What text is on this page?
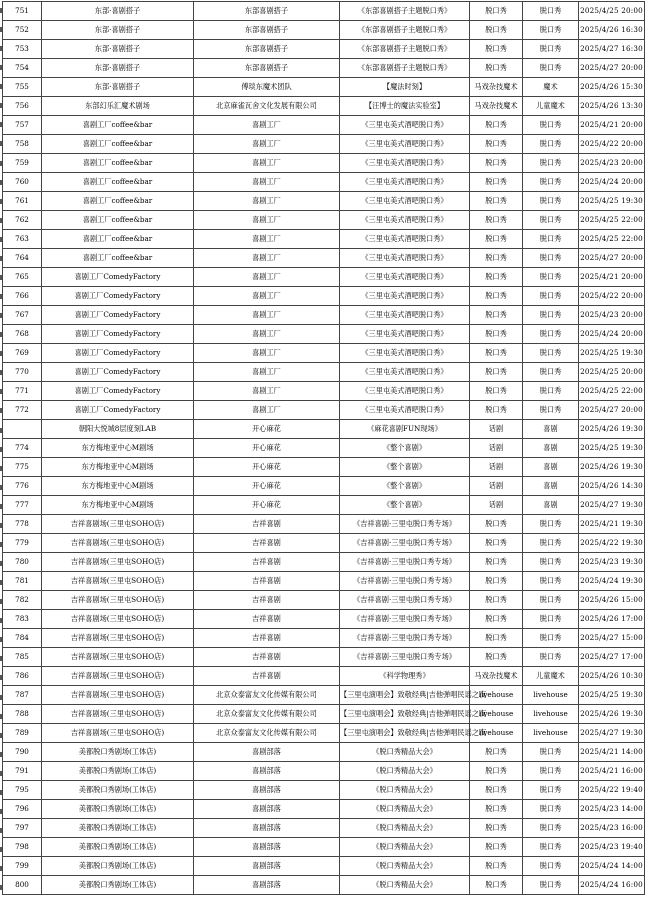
751	东部·喜剧搭子	东部喜剧搭子	《东部喜剧搭子主题脱口秀》	脱口秀	脱口秀	2025/4/25 20:00
752	东部·喜剧搭子	东部喜剧搭子	《东部喜剧搭子主题脱口秀》	脱口秀	脱口秀	2025/4/26 16:30
753	东部·喜剧搭子	东部喜剧搭子	《东部喜剧搭子主题脱口秀》	脱口秀	脱口秀	2025/4/27 16:30
754	东部·喜剧搭子	东部喜剧搭子	《东部喜剧搭子主题脱口秀》	脱口秀	脱口秀	2025/4/27 20:00
755	东部·喜剧搭子	傅琰东魔术团队	【魔法时刻】	马戏杂技魔术	魔术	2025/4/26 15:30
756	东部幻乐汇魔术剧场	北京麻雀瓦舍文化发展有限公司	【汪博士的魔法实验室】	马戏杂技魔术	儿童魔术	2025/4/26 13:30
757	喜剧工厂coffee&bar	喜剧工厂	《三里屯美式酒吧脱口秀》	脱口秀	脱口秀	2025/4/21 20:00
758	喜剧工厂coffee&bar	喜剧工厂	《三里屯美式酒吧脱口秀》	脱口秀	脱口秀	2025/4/22 20:00
759	喜剧工厂coffee&bar	喜剧工厂	《三里屯美式酒吧脱口秀》	脱口秀	脱口秀	2025/4/23 20:00
760	喜剧工厂coffee&bar	喜剧工厂	《三里屯美式酒吧脱口秀》	脱口秀	脱口秀	2025/4/24 20:00
761	喜剧工厂coffee&bar	喜剧工厂	《三里屯美式酒吧脱口秀》	脱口秀	脱口秀	2025/4/25 19:30
762	喜剧工厂coffee&bar	喜剧工厂	《三里屯美式酒吧脱口秀》	脱口秀	脱口秀	2025/4/25 22:00
763	喜剧工厂coffee&bar	喜剧工厂	《三里屯美式酒吧脱口秀》	脱口秀	脱口秀	2025/4/25 22:00
764	喜剧工厂coffee&bar	喜剧工厂	《三里屯美式酒吧脱口秀》	脱口秀	脱口秀	2025/4/27 20:00
765	喜剧工厂ComedyFactory	喜剧工厂	《三里屯美式酒吧脱口秀》	脱口秀	脱口秀	2025/4/21 20:00
766	喜剧工厂ComedyFactory	喜剧工厂	《三里屯美式酒吧脱口秀》	脱口秀	脱口秀	2025/4/22 20:00
767	喜剧工厂ComedyFactory	喜剧工厂	《三里屯美式酒吧脱口秀》	脱口秀	脱口秀	2025/4/23 20:00
768	喜剧工厂ComedyFactory	喜剧工厂	《三里屯美式酒吧脱口秀》	脱口秀	脱口秀	2025/4/24 20:00
769	喜剧工厂ComedyFactory	喜剧工厂	《三里屯美式酒吧脱口秀》	脱口秀	脱口秀	2025/4/25 19:30
770	喜剧工厂ComedyFactory	喜剧工厂	《三里屯美式酒吧脱口秀》	脱口秀	脱口秀	2025/4/25 20:00
771	喜剧工厂ComedyFactory	喜剧工厂	《三里屯美式酒吧脱口秀》	脱口秀	脱口秀	2025/4/25 22:00
772	喜剧工厂ComedyFactory	喜剧工厂	《三里屯美式酒吧脱口秀》	脱口秀	脱口秀	2025/4/27 20:00
	朝阳大悦城8层度刻LAB	开心麻花	《麻花喜剧FUN现场》	话剧	喜剧	2025/4/26 19:30
774	东方梅地亚中心M剧场	开心麻花	《整个喜剧》	话剧	喜剧	2025/4/25 19:30
775	东方梅地亚中心M剧场	开心麻花	《整个喜剧》	话剧	喜剧	2025/4/26 19:30
776	东方梅地亚中心M剧场	开心麻花	《整个喜剧》	话剧	喜剧	2025/4/26 14:30
777	东方梅地亚中心M剧场	开心麻花	《整个喜剧》	话剧	喜剧	2025/4/27 19:30
778	吉祥喜剧场(三里屯SOHO店)	吉祥喜剧	《吉祥喜剧·三里屯脱口秀专场》	脱口秀	脱口秀	2025/4/21 19:30
779	吉祥喜剧场(三里屯SOHO店)	吉祥喜剧	《吉祥喜剧·三里屯脱口秀专场》	脱口秀	脱口秀	2025/4/22 19:30
780	吉祥喜剧场(三里屯SOHO店)	吉祥喜剧	《吉祥喜剧·三里屯脱口秀专场》	脱口秀	脱口秀	2025/4/23 19:30
781	吉祥喜剧场(三里屯SOHO店)	吉祥喜剧	《吉祥喜剧·三里屯脱口秀专场》	脱口秀	脱口秀	2025/4/24 19:30
782	吉祥喜剧场(三里屯SOHO店)	吉祥喜剧	《吉祥喜剧·三里屯脱口秀专场》	脱口秀	脱口秀	2025/4/26 15:00
783	吉祥喜剧场(三里屯SOHO店)	吉祥喜剧	《吉祥喜剧·三里屯脱口秀专场》	脱口秀	脱口秀	2025/4/26 17:00
784	吉祥喜剧场(三里屯SOHO店)	吉祥喜剧	《吉祥喜剧·三里屯脱口秀专场》	脱口秀	脱口秀	2025/4/27 15:00
785	吉祥喜剧场(三里屯SOHO店)	吉祥喜剧	《吉祥喜剧·三里屯脱口秀专场》	脱口秀	脱口秀	2025/4/27 17:00
786	吉祥喜剧场(三里屯SOHO店)	吉祥喜剧	《科学物理秀》	马戏杂技魔术	儿童魔术	2025/4/26 10:30
787	吉祥喜剧场(三里屯SOHO店)	北京众泰富友文化传媒有限公司	【三里屯演唱会】致敬经典|吉他弹唱民谣之夜	livehouse	livehouse	2025/4/25 19:30
788	吉祥喜剧场(三里屯SOHO店)	北京众泰富友文化传媒有限公司	【三里屯演唱会】致敬经典|吉他弹唱民谣之夜	livehouse	livehouse	2025/4/26 19:30
789	吉祥喜剧场(三里屯SOHO店)	北京众泰富友文化传媒有限公司	【三里屯演唱会】致敬经典|吉他弹唱民谣之夜	livehouse	livehouse	2025/4/27 19:30
790	美都脱口秀剧场(工体店)	喜剧部落	《脱口秀精品大会》	脱口秀	脱口秀	2025/4/21 14:00
791	美都脱口秀剧场(工体店)	喜剧部落	《脱口秀精品大会》	脱口秀	脱口秀	2025/4/21 16:00
795	美都脱口秀剧场(工体店)	喜剧部落	《脱口秀精品大会》	脱口秀	脱口秀	2025/4/22 19:40
796	美都脱口秀剧场(工体店)	喜剧部落	《脱口秀精品大会》	脱口秀	脱口秀	2025/4/23 14:00
797	美都脱口秀剧场(工体店)	喜剧部落	《脱口秀精品大会》	脱口秀	脱口秀	2025/4/23 16:00
798	美都脱口秀剧场(工体店)	喜剧部落	《脱口秀精品大会》	脱口秀	脱口秀	2025/4/23 19:40
799	美都脱口秀剧场(工体店)	喜剧部落	《脱口秀精品大会》	脱口秀	脱口秀	2025/4/24 14:00
800	美都脱口秀剧场(工体店)	喜剧部落	《脱口秀精品大会》	脱口秀	脱口秀	2025/4/24 16:00
